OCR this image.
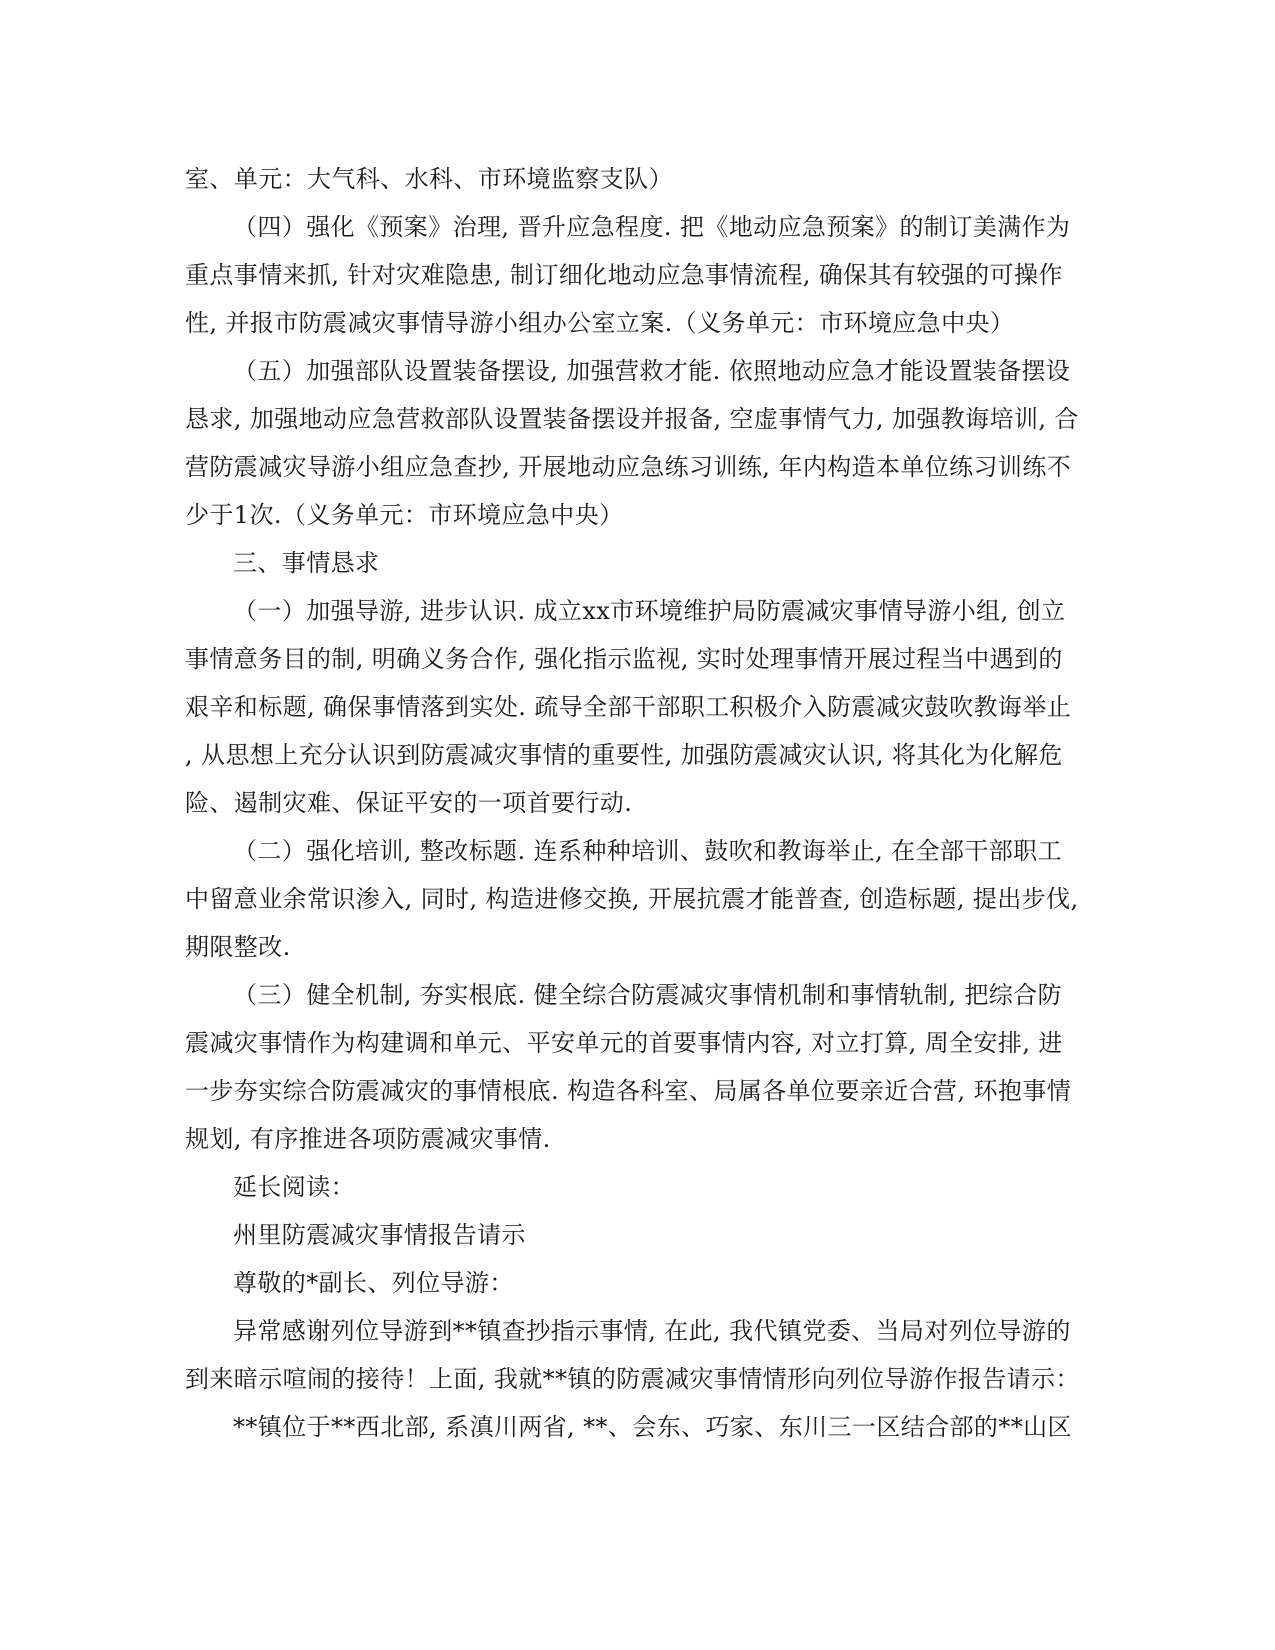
室、单元：大气科、水科、市环境监察支队）
（四）强化《预案》治理, 晋升应急程度. 把《地动应急预案》的制订美满作为
重点事情来抓, 针对灾难隐患, 制订细化地动应急事情流程, 确保其有较强的可操作
性, 并报市防震减灾事情导游小组办公室立案.（义务单元：市环境应急中央）
（五）加强部队设置装备摆设, 加强营救才能. 依照地动应急才能设置装备摆设
恳求, 加强地动应急营救部队设置装备摆设并报备, 空虚事情气力, 加强教诲培训, 合
营防震减灾导游小组应急查抄, 开展地动应急练习训练, 年内构造本单位练习训练不
少于1次.（义务单元：市环境应急中央）
三、事情恳求
（一）加强导游, 进步认识. 成立xx市环境维护局防震减灾事情导游小组, 创立
事情意务目的制, 明确义务合作, 强化指示监视, 实时处理事情开展过程当中遇到的
艰辛和标题, 确保事情落到实处. 疏导全部干部职工积极介入防震减灾鼓吹教诲举止
, 从思想上充分认识到防震减灾事情的重要性, 加强防震减灾认识, 将其化为化解危
险、遏制灾难、保证平安的一项首要行动.
（二）强化培训, 整改标题. 连系种种培训、鼓吹和教诲举止, 在全部干部职工
中留意业余常识渗入, 同时, 构造进修交换, 开展抗震才能普查, 创造标题, 提出步伐,
期限整改.
（三）健全机制, 夯实根底. 健全综合防震减灾事情机制和事情轨制, 把综合防
震减灾事情作为构建调和单元、平安单元的首要事情内容, 对立打算, 周全安排, 进
一步夯实综合防震减灾的事情根底. 构造各科室、局属各单位要亲近合营, 环抱事情
规划, 有序推进各项防震减灾事情.
延长阅读：
州里防震减灾事情报告请示
尊敬的*副长、列位导游：
异常感谢列位导游到**镇查抄指示事情, 在此, 我代镇党委、当局对列位导游的
到来暗示喧闹的接待！上面, 我就**镇的防震减灾事情情形向列位导游作报告请示：
**镇位于**西北部, 系滇川两省, **、会东、巧家、东川三一区结合部的**山区
